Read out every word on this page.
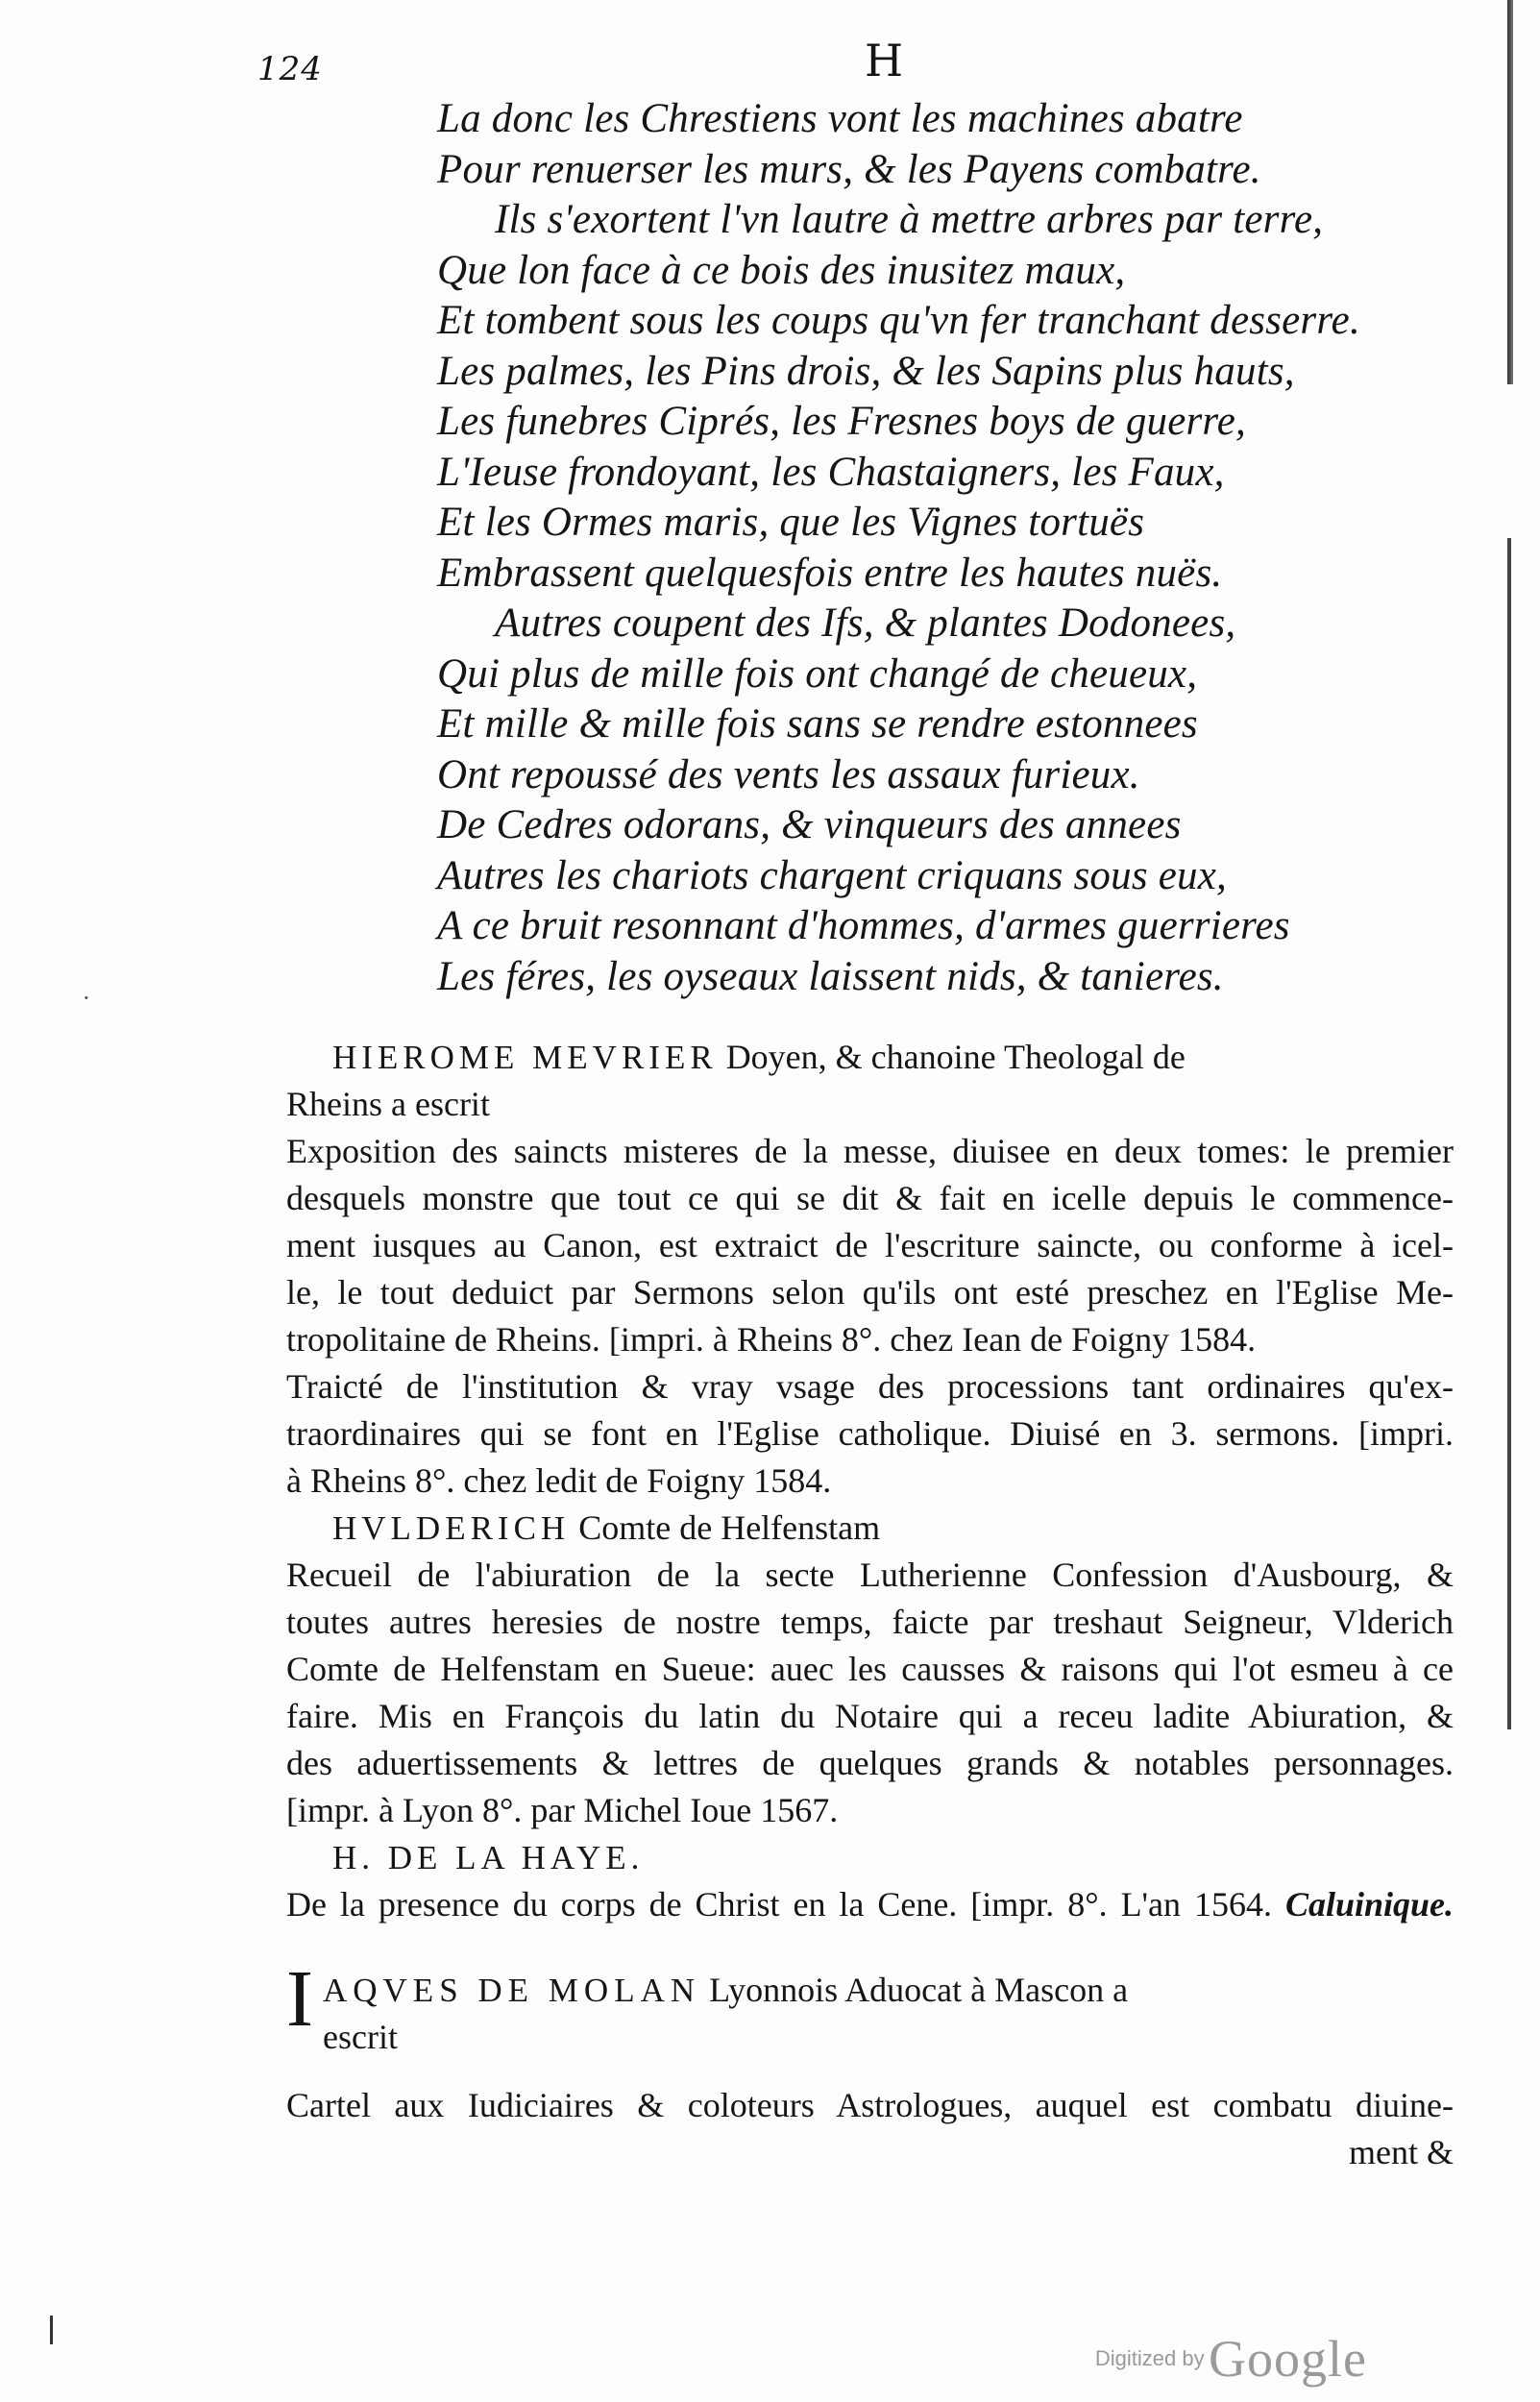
·
124	H
La donc les Chrestiens vont les machines abatre
Pour renuerser les murs, & les Payens combatre.
Ils s'exortent l'vn lautre à mettre arbres par terre,
Que lon face à ce bois des inusitez maux,
Et tombent sous les coups qu'vn fer tranchant desserre.
Les palmes, les Pins drois, & les Sapins plus hauts,
Les funebres Ciprés, les Fresnes boys de guerre,
L'Ieuse frondoyant, les Chastaigners, les Faux,
Et les Ormes maris, que les Vignes tortuës
Embrassent quelquesfois entre les hautes nuës.
Autres coupent des Ifs, & plantes Dodonees,
Qui plus de mille fois ont changé de cheueux,
Et mille & mille fois sans se rendre estonnees
Ont repoussé des vents les assaux furieux.
De Cedres odorans, & vinqueurs des annees
Autres les chariots chargent criquans sous eux,
A ce bruit resonnant d'hommes, d'armes guerrieres
Les féres, les oyseaux laissent nids, & tanieres.
HIEROME MEVRIER Doyen, & chanoine Theologal de
Rheins a escrit
Exposition des saincts misteres de la messe, diuisee en deux tomes: le premier
desquels monstre que tout ce qui se dit & fait en icelle depuis le commence-
ment iusques au Canon, est extraict de l'escriture saincte, ou conforme à icel-
le, le tout deduict par Sermons selon qu'ils ont esté preschez en l'Eglise Me-
tropolitaine de Rheins. [impri. à Rheins 8°. chez Iean de Foigny 1584.
Traicté de l'institution & vray vsage des processions tant ordinaires qu'ex-
traordinaires qui se font en l'Eglise catholique. Diuisé en 3. sermons. [impri.
à Rheins 8°. chez ledit de Foigny 1584.
HVLDERICH Comte de Helfenstam
Recueil de l'abiuration de la secte Lutherienne Confession d'Ausbourg, &
toutes autres heresies de nostre temps, faicte par treshaut Seigneur, Vlderich
Comte de Helfenstam en Sueue: auec les causses & raisons qui l'ot esmeu à ce
faire. Mis en François du latin du Notaire qui a receu ladite Abiuration, &
des aduertissements & lettres de quelques grands & notables personnages.
[impr. à Lyon 8°. par Michel Ioue 1567.
H. DE LA HAYE.
De la presence du corps de Christ en la Cene. [impr. 8°. L'an 1564. Caluinique.
I AQVES DE MOLAN Lyonnois Aduocat à Mascon a
escrit
Cartel aux Iudiciaires & coloteurs Astrologues, auquel est combatu diuine-
ment &
Digitized by Google
